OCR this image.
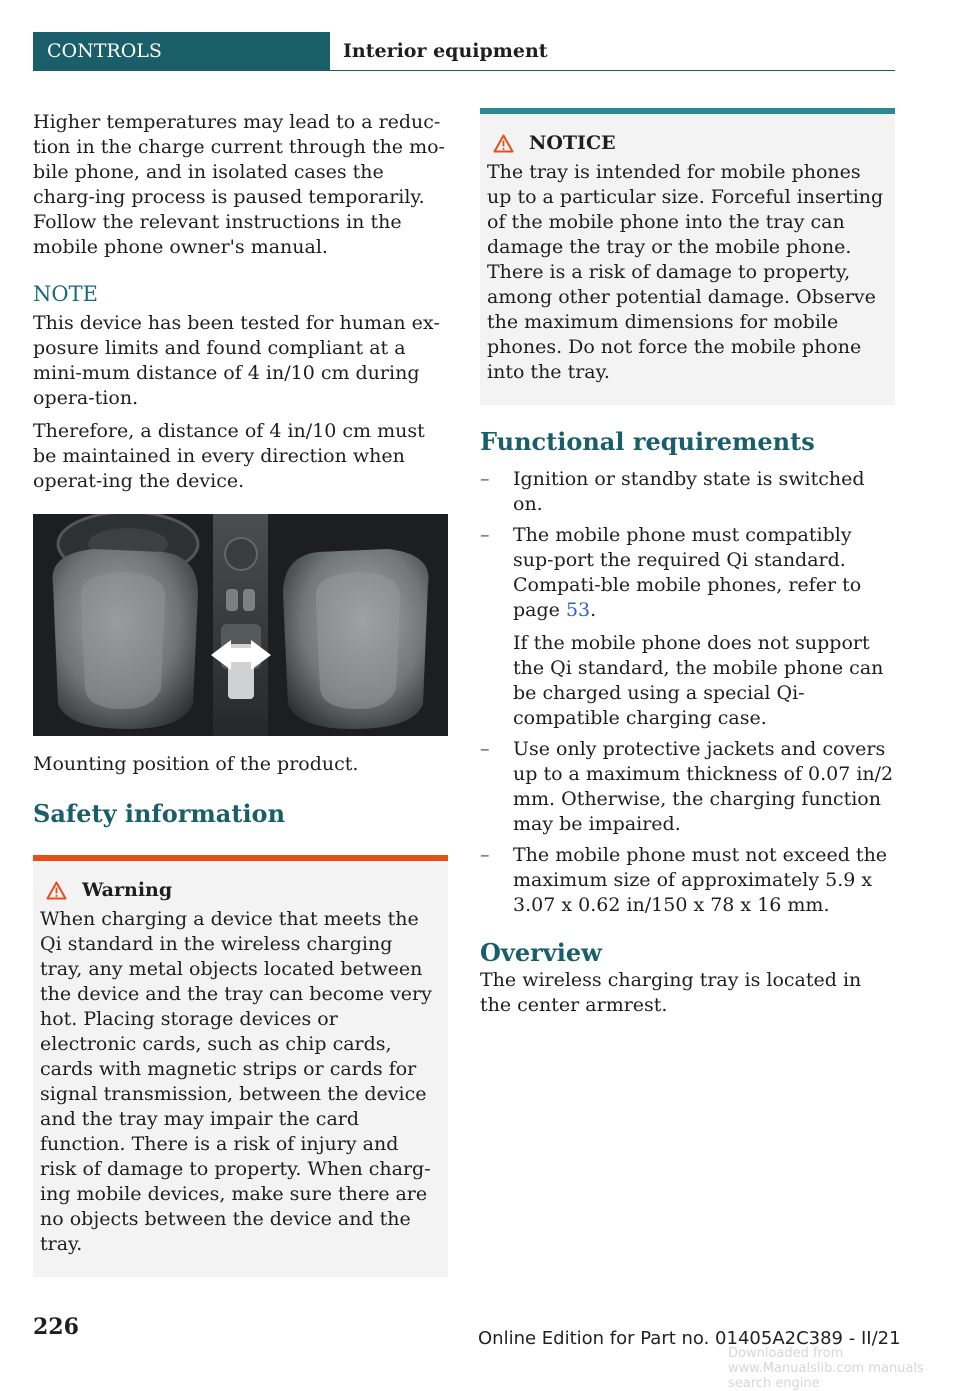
CONTROLS	Interior equipment

Higher temperatures may lead to a reduc‐tion in the charge current through the mo‐bile phone, and in isolated cases the charg‐ing process is paused temporarily. Follow the relevant instructions in the mobile phone owner's manual.

NOTE

This device has been tested for human ex‐posure limits and found compliant at a mini‐mum distance of 4 in/10 cm during opera‐tion.

Therefore, a distance of 4 in/10 cm must be maintained in every direction when operat‐ing the device.

Mounting position of the product.

Safety information
Warning

When charging a device that meets the Qi standard in the wireless charging tray, any metal objects located between the device and the tray can become very hot. Placing storage devices or electronic cards, such as chip cards, cards with magnetic strips or cards for signal transmission, between the device and the tray may impair the card function. There is a risk of injury and risk of damage to property. When charg‐ing mobile devices, make sure there are no objects between the device and the tray.

NOTICE

The tray is intended for mobile phones up to a particular size. Forceful inserting of the mobile phone into the tray can damage the tray or the mobile phone. There is a risk of damage to property, among other potential damage. Observe the maximum dimensions for mobile phones. Do not force the mobile phone into the tray.

Functional requirements

– Ignition or standby state is switched on.

– The mobile phone must compatibly sup‐port the required Qi standard. Compati‐ble mobile phones, refer to page 53.

If the mobile phone does not support the Qi standard, the mobile phone can be charged using a special Qi-compatible charging case.

– Use only protective jackets and covers up to a maximum thickness of 0.07 in/2 mm. Otherwise, the charging function may be impaired.

– The mobile phone must not exceed the maximum size of approximately 5.9 x 3.07 x 0.62 in/150 x 78 x 16 mm.

Overview

The wireless charging tray is located in the center armrest.

226	Online Edition for Part no. 01405A2C389 - II/21
Downloaded from www.Manualslib.com manuals search engine
